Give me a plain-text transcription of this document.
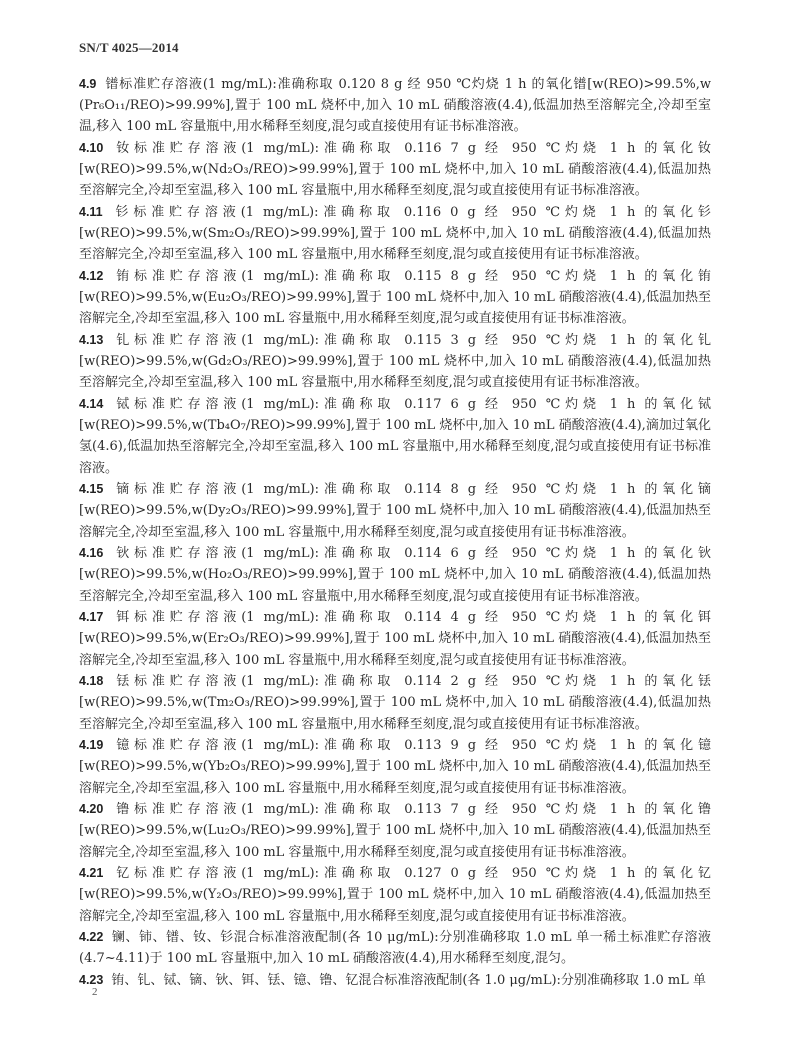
SN/T 4025—2014

4.9 镨标准贮存溶液(1 mg/mL):准确称取 0.120 8 g 经 950 ℃灼烧 1 h 的氧化镨[w(REO)>99.5%,w (Pr₆O₁₁/REO)>99.99%],置于 100 mL 烧杯中,加入 10 mL 硝酸溶液(4.4),低温加热至溶解完全,冷却至室温,移入 100 mL 容量瓶中,用水稀释至刻度,混匀或直接使用有证书标准溶液。

4.10 钕标准贮存溶液(1 mg/mL):准确称取 0.116 7 g 经 950 ℃灼烧 1 h 的氧化钕[w(REO)>99.5%,w(Nd₂O₃/REO)>99.99%],置于 100 mL 烧杯中,加入 10 mL 硝酸溶液(4.4),低温加热至溶解完全,冷却至室温,移入 100 mL 容量瓶中,用水稀释至刻度,混匀或直接使用有证书标准溶液。

4.11 钐标准贮存溶液(1 mg/mL):准确称取 0.116 0 g 经 950 ℃灼烧 1 h 的氧化钐[w(REO)>99.5%,w(Sm₂O₃/REO)>99.99%],置于 100 mL 烧杯中,加入 10 mL 硝酸溶液(4.4),低温加热至溶解完全,冷却至室温,移入 100 mL 容量瓶中,用水稀释至刻度,混匀或直接使用有证书标准溶液。

4.12 铕标准贮存溶液(1 mg/mL):准确称取 0.115 8 g 经 950 ℃灼烧 1 h 的氧化铕[w(REO)>99.5%,w(Eu₂O₃/REO)>99.99%],置于 100 mL 烧杯中,加入 10 mL 硝酸溶液(4.4),低温加热至溶解完全,冷却至室温,移入 100 mL 容量瓶中,用水稀释至刻度,混匀或直接使用有证书标准溶液。

4.13 钆标准贮存溶液(1 mg/mL):准确称取 0.115 3 g 经 950 ℃灼烧 1 h 的氧化钆[w(REO)>99.5%,w(Gd₂O₃/REO)>99.99%],置于 100 mL 烧杯中,加入 10 mL 硝酸溶液(4.4),低温加热至溶解完全,冷却至室温,移入 100 mL 容量瓶中,用水稀释至刻度,混匀或直接使用有证书标准溶液。

4.14 铽标准贮存溶液(1 mg/mL):准确称取 0.117 6 g 经 950 ℃灼烧 1 h 的氧化铽[w(REO)>99.5%,w(Tb₄O₇/REO)>99.99%],置于 100 mL 烧杯中,加入 10 mL 硝酸溶液(4.4),滴加过氧化氢(4.6),低温加热至溶解完全,冷却至室温,移入 100 mL 容量瓶中,用水稀释至刻度,混匀或直接使用有证书标准溶液。

4.15 镝标准贮存溶液(1 mg/mL):准确称取 0.114 8 g 经 950 ℃灼烧 1 h 的氧化镝[w(REO)>99.5%,w(Dy₂O₃/REO)>99.99%],置于 100 mL 烧杯中,加入 10 mL 硝酸溶液(4.4),低温加热至溶解完全,冷却至室温,移入 100 mL 容量瓶中,用水稀释至刻度,混匀或直接使用有证书标准溶液。

4.16 钬标准贮存溶液(1 mg/mL):准确称取 0.114 6 g 经 950 ℃灼烧 1 h 的氧化钬[w(REO)>99.5%,w(Ho₂O₃/REO)>99.99%],置于 100 mL 烧杯中,加入 10 mL 硝酸溶液(4.4),低温加热至溶解完全,冷却至室温,移入 100 mL 容量瓶中,用水稀释至刻度,混匀或直接使用有证书标准溶液。

4.17 铒标准贮存溶液(1 mg/mL):准确称取 0.114 4 g 经 950 ℃灼烧 1 h 的氧化铒[w(REO)>99.5%,w(Er₂O₃/REO)>99.99%],置于 100 mL 烧杯中,加入 10 mL 硝酸溶液(4.4),低温加热至溶解完全,冷却至室温,移入 100 mL 容量瓶中,用水稀释至刻度,混匀或直接使用有证书标准溶液。

4.18 铥标准贮存溶液(1 mg/mL):准确称取 0.114 2 g 经 950 ℃灼烧 1 h 的氧化铥[w(REO)>99.5%,w(Tm₂O₃/REO)>99.99%],置于 100 mL 烧杯中,加入 10 mL 硝酸溶液(4.4),低温加热至溶解完全,冷却至室温,移入 100 mL 容量瓶中,用水稀释至刻度,混匀或直接使用有证书标准溶液。

4.19 镱标准贮存溶液(1 mg/mL):准确称取 0.113 9 g 经 950 ℃灼烧 1 h 的氧化镱[w(REO)>99.5%,w(Yb₂O₃/REO)>99.99%],置于 100 mL 烧杯中,加入 10 mL 硝酸溶液(4.4),低温加热至溶解完全,冷却至室温,移入 100 mL 容量瓶中,用水稀释至刻度,混匀或直接使用有证书标准溶液。

4.20 镥标准贮存溶液(1 mg/mL):准确称取 0.113 7 g 经 950 ℃灼烧 1 h 的氧化镥[w(REO)>99.5%,w(Lu₂O₃/REO)>99.99%],置于 100 mL 烧杯中,加入 10 mL 硝酸溶液(4.4),低温加热至溶解完全,冷却至室温,移入 100 mL 容量瓶中,用水稀释至刻度,混匀或直接使用有证书标准溶液。

4.21 钇标准贮存溶液(1 mg/mL):准确称取 0.127 0 g 经 950 ℃灼烧 1 h 的氧化钇[w(REO)>99.5%,w(Y₂O₃/REO)>99.99%],置于 100 mL 烧杯中,加入 10 mL 硝酸溶液(4.4),低温加热至溶解完全,冷却至室温,移入 100 mL 容量瓶中,用水稀释至刻度,混匀或直接使用有证书标准溶液。

4.22 镧、铈、镨、钕、钐混合标准溶液配制(各 10 μg/mL):分别准确移取 1.0 mL 单一稀土标准贮存溶液(4.7~4.11)于 100 mL 容量瓶中,加入 10 mL 硝酸溶液(4.4),用水稀释至刻度,混匀。

4.23 铕、钆、铽、镝、钬、铒、铥、镱、镥、钇混合标准溶液配制(各 1.0 μg/mL):分别准确移取 1.0 mL 单

2
